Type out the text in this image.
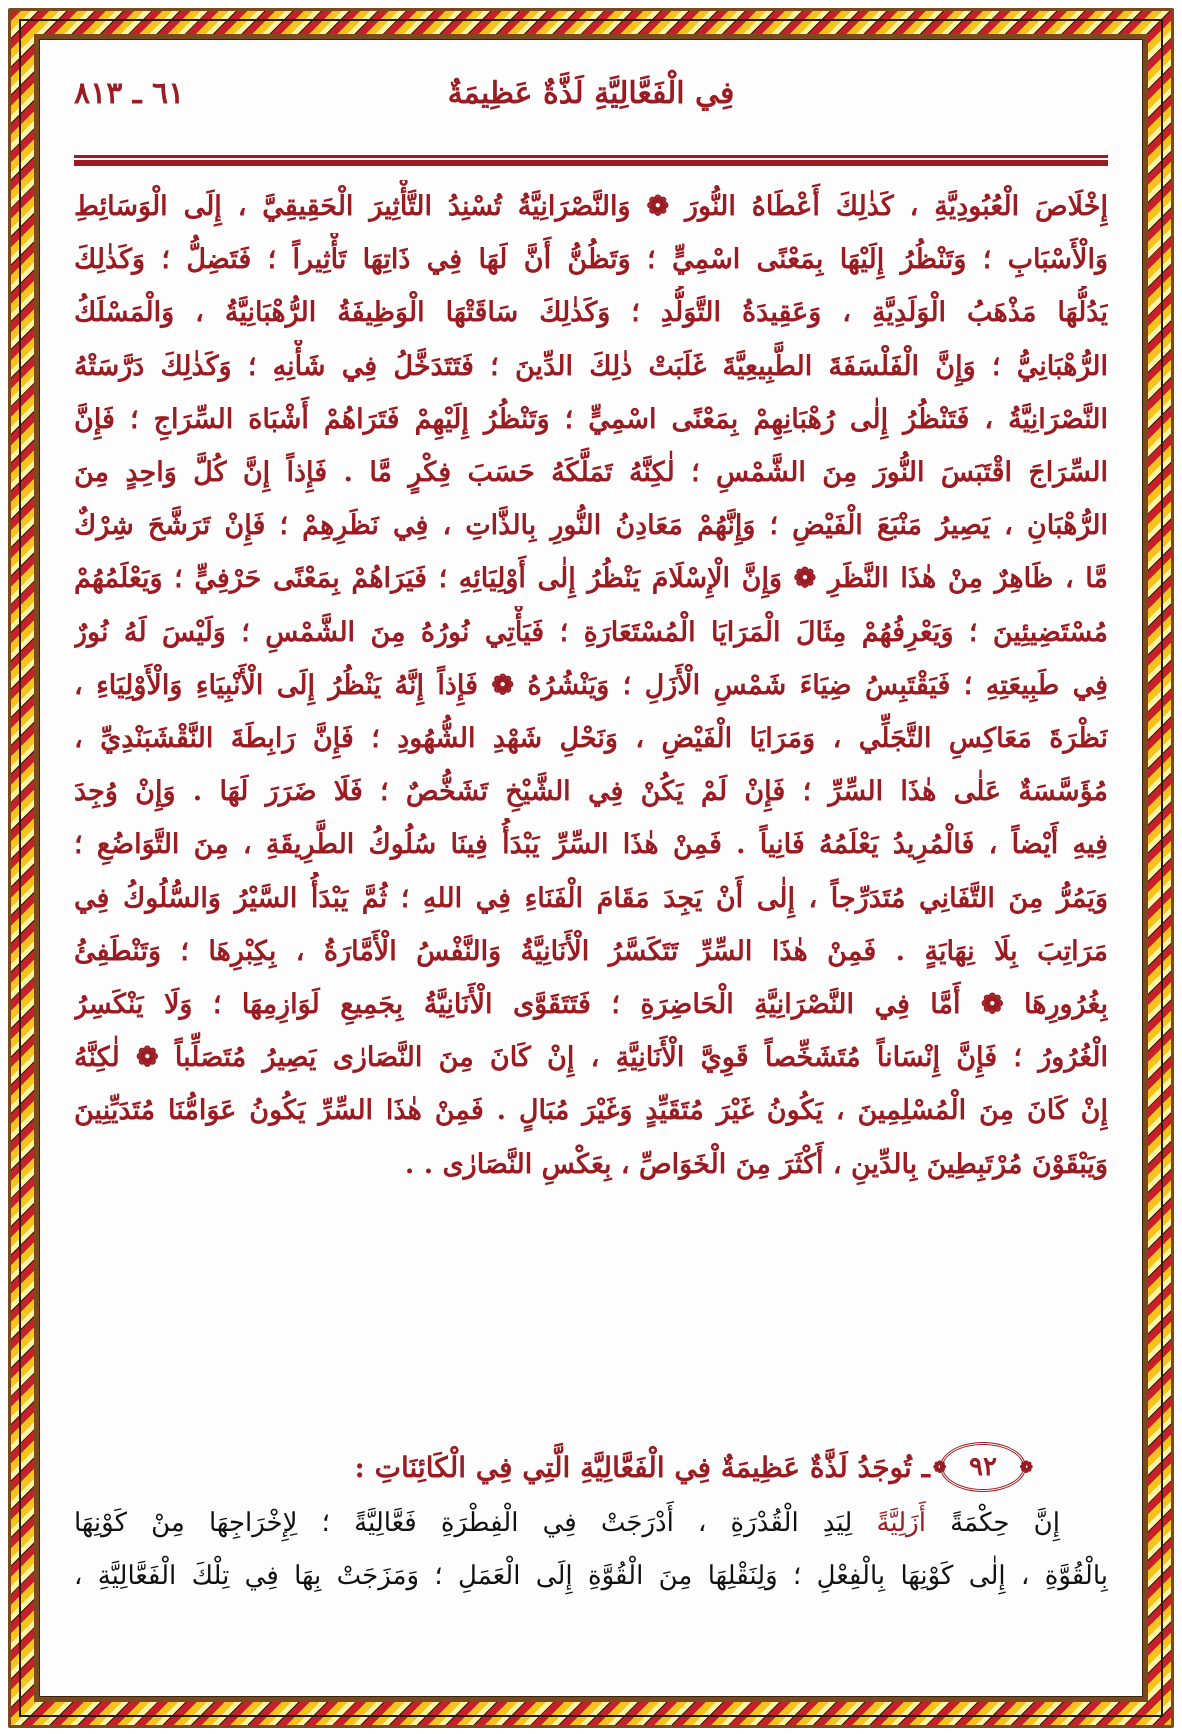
فِي الْفَعَّالِيَّةِ لَذَّةٌ عَظِيمَةٌ
٦١ ـ ٨١٣
إِخْلَاصَ الْعُبُودِيَّةِ ، كَذٰلِكَ أَعْطَاهُ النُّورَ ❁ وَالنَّصْرَانِيَّةُ تُسْنِدُ التَّأْثِيرَ الْحَقِيقِيَّ ، إِلَى الْوَسَائِطِ
وَالْأَسْبَابِ ؛ وَتَنْظُرُ إِلَيْهَا بِمَعْنًى اسْمِيٍّ ؛ وَتَظُنُّ أَنَّ لَهَا فِي ذَاتِهَا تَأْثِيراً ؛ فَتَضِلُّ ؛ وَكَذٰلِكَ
يَدُلُّهَا مَذْهَبُ الْوَلَدِيَّةِ ، وَعَقِيدَةُ التَّوَلُّدِ ؛ وَكَذٰلِكَ سَاقَتْهَا الْوَظِيفَةُ الرُّهْبَانِيَّةُ ، وَالْمَسْلَكُ
الرُّهْبَانِيُّ ؛ وَإِنَّ الْفَلْسَفَةَ الطَّبِيعِيَّةَ غَلَبَتْ ذٰلِكَ الدِّينَ ؛ فَتَتَدَخَّلُ فِي شَأْنِهِ ؛ وَكَذٰلِكَ دَرَّسَتْهُ
النَّصْرَانِيَّةُ ، فَتَنْظُرُ إِلٰى رُهْبَانِهِمْ بِمَعْنًى اسْمِيٍّ ؛ وَتَنْظُرُ إِلَيْهِمْ فَتَرَاهُمْ أَشْبَاهَ السِّرَاجِ ؛ فَإِنَّ
السِّرَاجَ اقْتَبَسَ النُّورَ مِنَ الشَّمْسِ ؛ لٰكِنَّهُ تَمَلَّكَهُ حَسَبَ فِكْرٍ مَّا . فَإِذاً إِنَّ كُلَّ وَاحِدٍ مِنَ
الرُّهْبَانِ ، يَصِيرُ مَنْبَعَ الْفَيْضِ ؛ وَإِنَّهُمْ مَعَادِنُ النُّورِ بِالذَّاتِ ، فِي نَظَرِهِمْ ؛ فَإِنْ تَرَشَّحَ شِرْكٌ
مَّا ، ظَاهِرٌ مِنْ هٰذَا النَّظَرِ ❁ وَإِنَّ الْإِسْلَامَ يَنْظُرُ إِلٰى أَوْلِيَائِهِ ؛ فَيَرَاهُمْ بِمَعْنًى حَرْفِيٍّ ؛ وَيَعْلَمُهُمْ
مُسْتَضِيئِينَ ؛ وَيَعْرِفُهُمْ مِثَالَ الْمَرَايَا الْمُسْتَعَارَةِ ؛ فَيَأْتِي نُورُهُ مِنَ الشَّمْسِ ؛ وَلَيْسَ لَهُ نُورٌ
فِي طَبِيعَتِهِ ؛ فَيَقْتَبِسُ ضِيَاءَ شَمْسِ الْأَزَلِ ؛ وَيَنْشُرُهُ ❁ فَإِذاً إِنَّهُ يَنْظُرُ إِلَى الْأَنْبِيَاءِ وَالْأَوْلِيَاءِ ،
نَظْرَةَ مَعَاكِسِ التَّجَلِّي ، وَمَرَايَا الْفَيْضِ ، وَنَحْلِ شَهْدِ الشُّهُودِ ؛ فَإِنَّ رَابِطَةَ النَّقْشَبَنْدِيِّ ،
مُؤَسَّسَةٌ عَلٰى هٰذَا السِّرِّ ؛ فَإِنْ لَمْ يَكُنْ فِي الشَّيْخِ تَشَخُّصٌ ؛ فَلَا ضَرَرَ لَهَا . وَإِنْ وُجِدَ
فِيهِ أَيْضاً ، فَالْمُرِيدُ يَعْلَمُهُ فَانِياً . فَمِنْ هٰذَا السِّرِّ يَبْدَأُ فِينَا سُلُوكُ الطَّرِيقَةِ ، مِنَ التَّوَاضُعِ ؛
وَيَمُرُّ مِنَ التَّفَانِي مُتَدَرِّجاً ، إِلٰى أَنْ يَجِدَ مَقَامَ الْفَنَاءِ فِي اللهِ ؛ ثُمَّ يَبْدَأُ السَّيْرُ وَالسُّلُوكُ فِي
مَرَاتِبَ بِلَا نِهَايَةٍ . فَمِنْ هٰذَا السِّرِّ تَتَكَسَّرُ الْأَنَانِيَّةُ وَالنَّفْسُ الْأَمَّارَةُ ، بِكِبْرِهَا ؛ وَتَنْطَفِئُ
بِغُرُورِهَا ❁ أَمَّا فِي النَّصْرَانِيَّةِ الْحَاضِرَةِ ؛ فَتَتَقَوَّى الْأَنَانِيَّةُ بِجَمِيعِ لَوَازِمِهَا ؛ وَلَا يَنْكَسِرُ
الْغُرُورُ ؛ فَإِنَّ إِنْسَاناً مُتَشَخِّصاً قَوِيَّ الْأَنَانِيَّةِ ، إِنْ كَانَ مِنَ النَّصَارٰى يَصِيرُ مُتَصَلِّباً ❁ لٰكِنَّهُ
إِنْ كَانَ مِنَ الْمُسْلِمِينَ ، يَكُونُ غَيْرَ مُتَقَيِّدٍ وَغَيْرَ مُبَالٍ . فَمِنْ هٰذَا السِّرِّ يَكُونُ عَوَامُّنَا مُتَدَيِّنِينَ
وَيَبْقَوْنَ مُرْتَبِطِينَ بِالدِّينِ ، أَكْثَرَ مِنَ الْخَوَاصِّ ، بِعَكْسِ النَّصَارٰى . .
❁ ٩٢
❁
ـ
تُوجَدُ لَذَّةٌ عَظِيمَةٌ فِي الْفَعَّالِيَّةِ الَّتِي فِي الْكَائِنَاتِ :
إِنَّ حِكْمَةً أَزَلِيَّةً لِيَدِ الْقُدْرَةِ ، أَدْرَجَتْ فِي الْفِطْرَةِ فَعَّالِيَّةً ؛ لِإِخْرَاجِهَا مِنْ كَوْنِهَا
بِالْقُوَّةِ ، إِلٰى كَوْنِهَا بِالْفِعْلِ ؛ وَلِنَقْلِهَا مِنَ الْقُوَّةِ إِلَى الْعَمَلِ ؛ وَمَزَجَتْ بِهَا فِي تِلْكَ الْفَعَّالِيَّةِ ،
